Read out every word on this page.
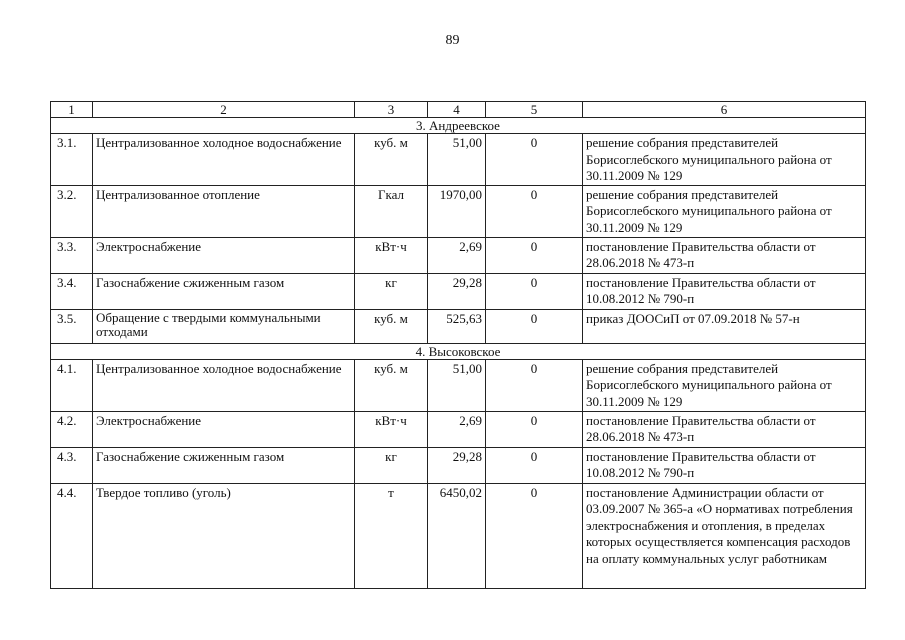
89
1	2	3	4	5	6
3. Андреевское					
3.1.	Централизованное холодное водоснабжение	куб. м	51,00	0	решение собрания представителей Борисоглебского муниципального района от 30.11.2009 № 129
3.2.	Централизованное отопление	Гкал	1970,00	0	решение собрания представителей Борисоглебского муниципального района от 30.11.2009 № 129
3.3.	Электроснабжение	кВт·ч	2,69	0	постановление Правительства области от 28.06.2018 № 473-п
3.4.	Газоснабжение сжиженным газом	кг	29,28	0	постановление Правительства области от 10.08.2012 № 790-п
3.5.	Обращение с твердыми коммунальными отходами	куб. м	525,63	0	приказ ДООСиП от 07.09.2018 № 57-н
4. Высоковское					
4.1.	Централизованное холодное водоснабжение	куб. м	51,00	0	решение собрания представителей Борисоглебского муниципального района от 30.11.2009 № 129
4.2.	Электроснабжение	кВт·ч	2,69	0	постановление Правительства области от 28.06.2018 № 473-п
4.3.	Газоснабжение сжиженным газом	кг	29,28	0	постановление Правительства области от 10.08.2012 № 790-п
4.4.	Твердое топливо (уголь)	т	6450,02	0	постановление Администрации области от 03.09.2007 № 365-а «О нормативах потребления электроснабжения и отопления, в пределах которых осуществляется компенсация расходов на оплату коммунальных услуг работникам
